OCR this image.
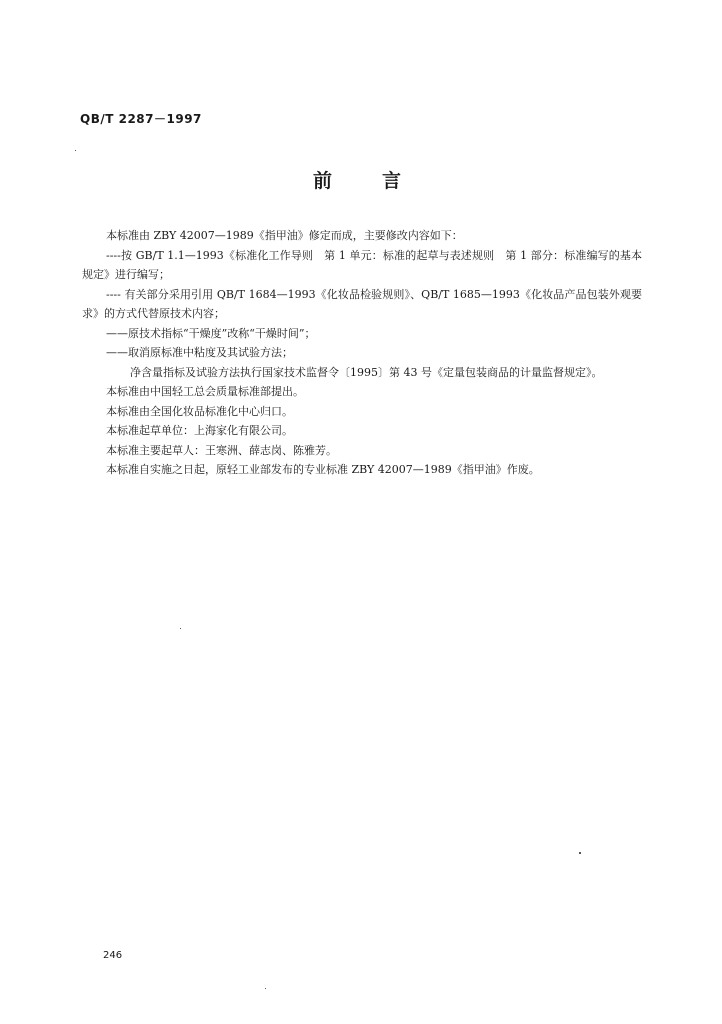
QB/T 2287－1997
前言

本标准由 ZBY 42007—1989《指甲油》修定而成，主要修改内容如下：

----按 GB/T 1.1—1993《标准化工作导则　第 1 单元：标准的起草与表述规则　第 1 部分：标准编写的基本规定》进行编写；

---- 有关部分采用引用 QB/T 1684—1993《化妆品检验规则》、QB/T 1685—1993《化妆品产品包装外观要求》的方式代替原技术内容；

——原技术指标“干燥度”改称“干燥时间”；

——取消原标准中粘度及其试验方法；

净含量指标及试验方法执行国家技术监督令〔1995〕第 43 号《定量包装商品的计量监督规定》。

本标准由中国轻工总会质量标准部提出。

本标准由全国化妆品标准化中心归口。

本标准起草单位：上海家化有限公司。

本标准主要起草人：王寒洲、薛志岗、陈雅芳。

本标准自实施之日起，原轻工业部发布的专业标准 ZBY 42007—1989《指甲油》作废。

246
